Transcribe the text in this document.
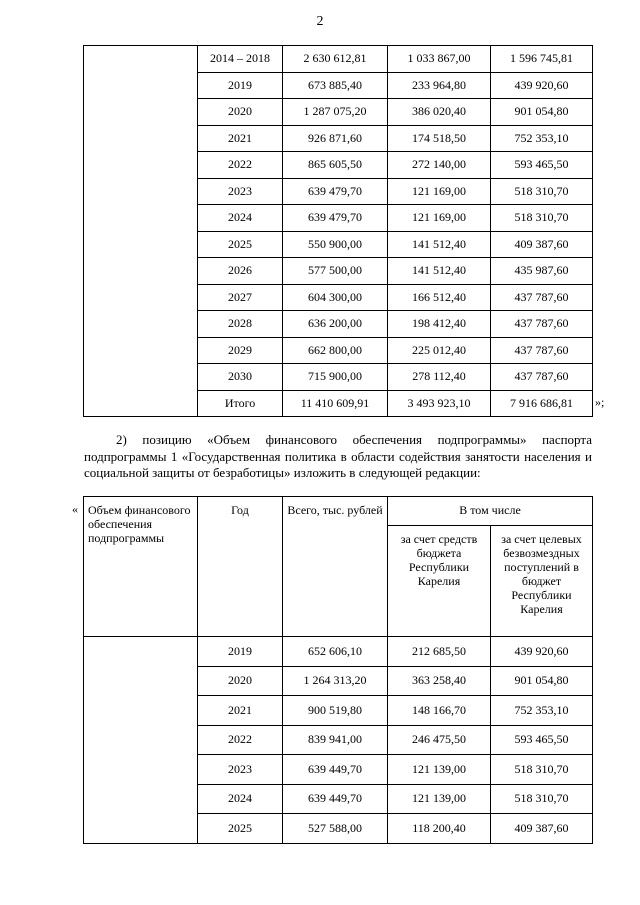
2
	2014 – 2018	2 630 612,81	1 033 867,00	1 596 745,81
	2019	673 885,40	233 964,80	439 920,60
	2020	1 287 075,20	386 020,40	901 054,80
	2021	926 871,60	174 518,50	752 353,10
	2022	865 605,50	272 140,00	593 465,50
	2023	639 479,70	121 169,00	518 310,70
	2024	639 479,70	121 169,00	518 310,70
	2025	550 900,00	141 512,40	409 387,60
	2026	577 500,00	141 512,40	435 987,60
	2027	604 300,00	166 512,40	437 787,60
	2028	636 200,00	198 412,40	437 787,60
	2029	662 800,00	225 012,40	437 787,60
	2030	715 900,00	278 112,40	437 787,60
	Итого	11 410 609,91	3 493 923,10	7 916 686,81 »;

2) позицию «Объем финансового обеспечения подпрограммы» паспорта подпрограммы 1 «Государственная политика в области содействия занятости населения и социальной защиты от безработицы» изложить в следующей редакции:

« Объем финансового обеспечения подпрограммы	Год	Всего, тыс. рублей	В том числе	
			за счет средств бюджета Республики Карелия	за счет целевых безвозмездных поступлений в бюджет Республики Карелия
	2019	652 606,10	212 685,50	439 920,60
	2020	1 264 313,20	363 258,40	901 054,80
	2021	900 519,80	148 166,70	752 353,10
	2022	839 941,00	246 475,50	593 465,50
	2023	639 449,70	121 139,00	518 310,70
	2024	639 449,70	121 139,00	518 310,70
	2025	527 588,00	118 200,40	409 387,60
